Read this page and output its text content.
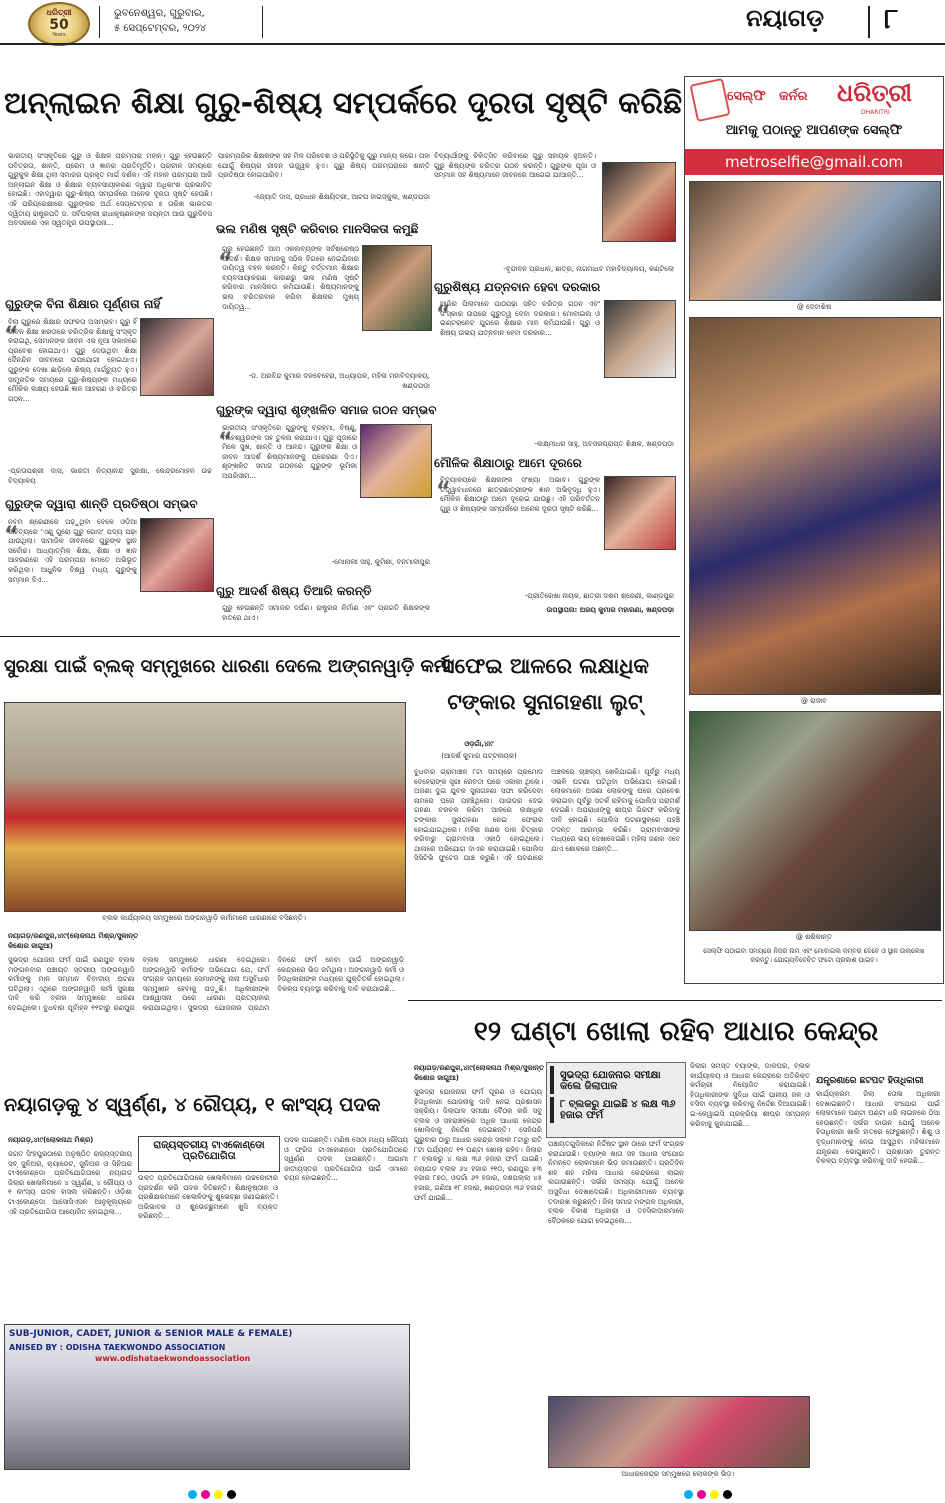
ଧରିତ୍ରୀ
50
Years
ଭୁବନେଶ୍ୱର, ଗୁରୁବାର,
୫ ସେପ୍ଟେମ୍ବର, ୨୦୨୪	ନୟାଗଡ଼ ୮
ଅନ୍‌ଲାଇନ ଶିକ୍ଷା ଗୁରୁ-ଶିଷ୍ୟ ସମ୍ପର୍କରେ ଦୂରତା ସୃଷ୍ଟି କରିଛି
ଭାରତୀୟ ସଂସ୍କୃତିରେ ଗୁରୁ ଓ ଶିକ୍ଷକ ପରମ୍ପରା ମହାନ୍। ଗୁରୁ ହେଉଛନ୍ତି ପବିତ୍ରତା, ଶାନ୍ତି, ପ୍ରେମ ଓ ଜ୍ଞାନର ପ୍ରତିମୂର୍ତ୍ତି। ପ୍ରାଚୀନ ସମୟରେ ଗୁରୁକୁଳ ଶିକ୍ଷା ଥିଲା ସମାଜର ପ୍ରକୃତ ମାର୍ଗ ଦର୍ଶକ। ଏହି ମହାନ ପରମ୍ପରା ଆଜି ଅନ୍‌ଲାଇନ ଶିକ୍ଷା ଓ ଶିକ୍ଷାର ବ୍ୟବସାୟୀକରଣ ଦ୍ୱାରା ଅଧିକାଂଶ ପ୍ରଭାବିତ ହୋଇଛି। ଏହାଦ୍ୱାରା ଗୁରୁ-ଶିଷ୍ୟ ସମ୍ପର୍କରେ ଅନେକ ଦୂରତା ସୃଷ୍ଟି ହେଉଛି। ଏହି ପରିପ୍ରେକ୍ଷୀରେ ଗୁରୁଙ୍କର ଅର୍ଥ ସେପ୍ଟେମ୍ବର ୫ ତାରିଖ ଭାରତର ଦ୍ୱିତୀୟ ରାଷ୍ଟ୍ରପତି ଡ. ସର୍ବପଲ୍ଲୀ ରାଧାକୃଷ୍ଣନଙ୍କ ଜୟନ୍ତୀ ଆଉ ଗୁରୁଦିବସ ଅବସରରେ ଏକ ସ୍ୱତନ୍ତ୍ର ଉପସ୍ଥାପନା...
ଗୁରୁଙ୍କ ବିନା ଶିକ୍ଷାର ପୂର୍ଣ୍ଣତା ନାହିଁ
“
ବିନା ଗୁରୁରେ ଶିକ୍ଷାର ସଫଳତା ଅସମ୍ଭବ। ଗୁରୁ ହିଁ ଜୀବନ ଶିକ୍ଷା ଖରତାରେ ଚରିତ୍ରିକ ଶିକ୍ଷାକୁ ସଂସ୍କୃତ କରାଇଥି, ସେମାନଙ୍କ ଜୀବନ ଏକ ନୂଆ ସକାଳରେ ପ୍ରବେଶ ହୋଇଥାଏ। ଗୁରୁ ଦେଉଥିବା ଶିକ୍ଷା ଦୈନନ୍ଦିନ ଜୀବନରେ ଉପଯୋଗୀ ହୋଇଥାଏ। ଗୁରୁଙ୍କ ଦେଖା ଛାଡ଼ିଲେ ଶିଷ୍ୟ ମାର୍ଗଚ୍ୟୁତ ହୁଏ। ସାମ୍ପ୍ରତିକ ସମୟରେ ଗୁରୁ-ଶିଷ୍ୟଙ୍କ ମଧ୍ୟରେ ମୌଳିକ ଲକ୍ଷ୍ୟ ହେଉଛି ଜ୍ଞାନ ଆହରଣ ଓ ଚରିତ୍ର ଗଠନ...
-ପ୍ରତାପଶ୍ରୀ ଦାସ, ଭାରତୀ ନିତ୍ୟାନନ୍ଦ ସୁରକ୍ଷା, କେନ୍ଦ୍ରମୋହନ ଉଚ୍ଚ ବିଦ୍ୟାଳୟ
ଗୁରୁଙ୍କ ଦ୍ୱାରା ଶାନ୍ତି ପ୍ରତିଷ୍ଠା ସମ୍ଭବ
“
ନବମ ଶ୍ରେଣୀରେ ପଢ଼ୁଥିବା ବେଳେ ଓଡ଼ିଆ ସାହିତ୍ୟରେ ‘ଏଣୁ ଗୁରୋ ଗୁରୁ ଗୋସ’ ପଦ୍ୟ ପଢ଼ା ଯାଉଥିଲା। ସାମାଜିକ ଜୀବନରେ ଗୁରୁଙ୍କ ସ୍ଥାନ ସର୍ବୋଚ୍ଚ। ଆଧ୍ୟାତ୍ମିକ ଶିକ୍ଷା, ଶିକ୍ଷା ଓ ଜ୍ଞାନ ଆହରଣରେ ଏହି ପରମ୍ପରା ମୋତେ ଅଭିଭୂତ କରିଥିଲା। ଆଧୁନିକ ବିଶ୍ୱ ମଧ୍ୟ ଗୁରୁଙ୍କୁ ସମ୍ମାନ ଦିଏ...
ପାରମ୍ପରିକ ଶିକ୍ଷକଙ୍କ ସହ ମିଳ ପରିବେଶ ଓ ପରିସ୍ଥିତିକୁ ଗୁରୁ ମାନ୍ୟ କରେ। ତାହା ଯୋଗୁଁ ଶିଷ୍ୟର ଜୀବନ ଉଜ୍ଜ୍ୱଳ ହୁଏ। ଗୁରୁ ଶିଷ୍ୟ ପରମ୍ପରାରେ ଶାନ୍ତି ପ୍ରତିଷ୍ଠା ହୋଇପାରିବ।
-ଜ୍ୟୋତି ଦାସ, ପ୍ରଧାନ ଶିକ୍ଷୟିତ୍ରୀ, ଆଟପ ହାଇସ୍କୁଲ, ଖଣ୍ଡପଡ଼ା
ଭଲ ମଣିଷ ସୃଷ୍ଟି କରିବାର ମାନସିକତା କମୁଛି
“
ଗୁରୁ ହେଉଛନ୍ତି ଆମ ଏକଲବ୍ୟଙ୍କ ସର୍ବଶ୍ରେଷ୍ଠ ଆଦର୍ଶ। ଶିକ୍ଷକ ସମାଜକୁ ସଠିକ ଦିଗରେ ନେଇଯିବାର ଦାୟିତ୍ୱ ବହନ କରନ୍ତି। କିନ୍ତୁ ବର୍ତ୍ତମାନ ଶିକ୍ଷାର ବ୍ୟବସାୟୀକରଣ କାରଣରୁ ଭଲ ମଣିଷ ସୃଷ୍ଟି କରିବାର ମାନସିକତା କମିଯାଉଛି। ଶିଷ୍ୟମାନଙ୍କୁ ଭଲ ଚରିତ୍ରବାନ କରିବା ଶିକ୍ଷକର ମୁଖ୍ୟ ଦାୟିତ୍ୱ...
-ଡ. ଅରବିନ୍ଦ କୁମାର ଦଳବେହେରା, ଅଧ୍ୟାପକ, ମହିଳା ମହାବିଦ୍ୟାଳୟ, ଖଣ୍ଡପଡ଼ା
ଗୁରୁଙ୍କ ଦ୍ୱାରା ଶୃଙ୍ଖଳିତ ସମାଜ ଗଠନ ସମ୍ଭବ
“
ଭାରତୀୟ ସଂସ୍କୃତିରେ ଗୁରୁଙ୍କୁ ବ୍ରହ୍ମା, ବିଷ୍ଣୁ, ମହେଶ୍ୱରଙ୍କ ସହ ତୁଳନା କରାଯାଏ। ଗୁରୁ ପୂଜାରେ ମିଳେ ସୁଖ, ଶାନ୍ତି ଓ ଆନନ୍ଦ। ଗୁରୁଙ୍କ ଶିକ୍ଷା ଓ ଜୀବନ ଆଦର୍ଶ ଶିଷ୍ୟମାନଙ୍କୁ ପ୍ରେରଣା ଦିଏ। ଶୃଙ୍ଖଳିତ ସମାଜ ଗଠନରେ ଗୁରୁଙ୍କ ଭୂମିକା ଅପରିସୀମ...
-ମୋନାଲୀ ସାହୁ, କୁମିଶା, ବନମାଳୀପୁର
ଗୁରୁ ଆଦର୍ଶ ଶିଷ୍ୟ ତିଆରି କରନ୍ତି
ଗୁରୁ ହେଉଛନ୍ତି ସମାଜର ଦର୍ପଣ। ରାଷ୍ଟ୍ରର ନିର୍ମାଣ ଏବଂ ପ୍ରଗତି ଶିକ୍ଷକଙ୍କ ହାତରେ ଥାଏ।
ବିଦ୍ୟାର୍ଥୀଙ୍କୁ ଚିକିତ୍ସିତ କରିବାରେ ଗୁରୁ ସହାୟକ ହୁଅନ୍ତି। ଗୁରୁ ଶିଷ୍ୟଙ୍କ ଚରିତ୍ର ଗଠନ କରନ୍ତି। ଗୁରୁଙ୍କ ପୂଜା ଓ ସମ୍ମାନ ସହ ଶିଷ୍ୟମାନେ ଜୀବନରେ ଆଗେଇ ଯାଆନ୍ତି...
-ବୃନ୍ଦାବନ ପ୍ରଧାନ, ଛାତ୍ର, ନାଗମାଧବ ମହାବିଦ୍ୟାଳୟ, କଣ୍ଟିଲୋ
ଗୁରୁଶିଷ୍ୟ ଯତ୍ନବାନ ହେବା ଦରକାର
“
ଆଜିର ପିଲାମାନେ ପାଠପଢ଼ା ସହିତ ଚରିତ୍ର ଗଠନ ଏବଂ ସଂସ୍କାର ଉପରେ ଗୁରୁତ୍ୱ ଦେବା ଦରକାର। ମୋବାଇଲ ଓ ଇଣ୍ଟରନେଟ ଯୁଗରେ ଶିକ୍ଷାର ମାନ କମିଯାଉଛି। ଗୁରୁ ଓ ଶିଷ୍ୟ ଉଭୟ ଯତ୍ନବାନ ହେବା ଦରକାର...
-ଲକ୍ଷ୍ମୀଧର ସାହୁ, ଅବସରପ୍ରାପ୍ତ ଶିକ୍ଷକ, ଖଣ୍ଡପଡ଼ା
ମୌଳିକ ଶିକ୍ଷାଠାରୁ ଆମେ ଦୂରରେ
“
ବିଦ୍ୟାଳୟରେ ଶିକ୍ଷକଙ୍କ ସଂଖ୍ୟା ଅଭାବ। ଗୁରୁଙ୍କ ତତ୍ତ୍ୱାବଧାନରେ ଛାତ୍ରଛାତ୍ରୀଙ୍କ ଜ୍ଞାନ ଅଭିବୃଦ୍ଧି ହୁଏ। ମୌଳିକ ଶିକ୍ଷାଠାରୁ ଆମେ ଦୂରେଇ ଯାଉଛୁ। ଏହି ପରିବର୍ତ୍ତନ ଗୁରୁ ଓ ଶିଷ୍ୟଙ୍କ ସମ୍ପର୍କରେ ଅନେକ ଦୂରତା ସୃଷ୍ଟି କରିଛି...
-ପ୍ରୀତିରେଖା ନାୟକ, ଛାତ୍ରୀ ଦଶମ ଶ୍ରେଣୀ, କାଣ୍ଡପୁର
ଉପସ୍ଥାପନା: ଅଜୟ କୁମାର ମହାରଣା, ଖଣ୍ଡପଡ଼ା
ସେଲ୍ଫି କର୍ନର ଧରିତ୍ରୀ
DHARITRI
ଆମକୁ ପଠାନ୍ତୁ ଆପଣଙ୍କ ସେଲ୍ଫି
metroselfie@gmail.com
@ ଦେବାଶିଷ
@ ରାଜୀବ
@ ଶଶିକାନ୍ତ
ସେଲ୍ଫି ପଠାଇବା ସମୟରେ ନିଜର ନାମ ଏବଂ ମୋବାଇଲ ନମ୍ବର ଦେବେ ଓ ସ୍ଥାନ ଉଲ୍ଲେଖ କରନ୍ତୁ। ଯୋଗ୍ୟବିବେଚିତ ଫଟୋ ପ୍ରକାଶ ପାଇବ।
ସୁରକ୍ଷା ପାଇଁ ବ୍ଲକ୍ ସମ୍ମୁଖରେ ଧାରଣା ଦେଲେ ଅଙ୍ଗନୱାଡ଼ି କର୍ମୀ
ବ୍ଲକ କାର୍ଯ୍ୟାଳୟ ସମ୍ମୁଖରେ ଅଙ୍ଗନୱାଡ଼ି କର୍ମୀମାନେ ଧାରଣାରେ ବସିଛନ୍ତି।
ନୟାଗଡ଼/ରଣପୁର,୪ା୯(ଲୋକନାଥ ମିଶ୍ର/ସୁକାନ୍ତ କିଶୋର ଜାଗୁଆ)
ସୁଭଦ୍ରା ଯୋଜନା ଫର୍ମ ପାଇଁ ରଣପୁର ବ୍ଲକ ମଙ୍ଗଳବାର ପଞ୍ଚାୟତ ସ୍ତରୀୟ ଅଙ୍ଗନୱାଡ଼ି କର୍ମୀଙ୍କୁ ମାନ ସମ୍ମାନ ବିବାଦୀୟ ଘଟଣା ଘଟିଥିଲା। ଏଥିରେ ଅଙ୍ଗନୱାଡ଼ି କର୍ମୀ ସୁରକ୍ଷା ଦାବି କରି ବ୍ଲକ ସମ୍ମୁଖରେ ଧାରଣା ଦେଇଥିଲେ। ବୁଧବାର ପୂର୍ବାହ୍ନ ୧୧ଟାରୁ ରଣପୁର ବ୍ଲକ ସମ୍ମୁଖରେ ଧାରଣା ଦେଇଥିଲେ। ଅଙ୍ଗନୱାଡ଼ି କର୍ମୀଙ୍କ ଅଭିଯୋଗ ଯେ, ଫର୍ମ ସଂଗ୍ରହ ସମୟରେ ସେମାନଙ୍କୁ ନାନା ଅସୁବିଧାର ସମ୍ମୁଖୀନ ହେବାକୁ ପଡ଼ୁଛି। ଅଧିକାରୀଙ୍କ ଆଶ୍ୱାସନା ପରେ ଧାରଣା ପ୍ରତ୍ୟାହାର କରାଯାଇଥିଲା। ସୁଭଦ୍ରା ଯୋଜନାର ପ୍ରଥମ ଦିନରେ ଫର୍ମ ନେବା ପାଇଁ ଅଙ୍ଗନୱାଡ଼ି କେନ୍ଦ୍ରରେ ଭିଡ଼ ଜମିଥିଲା। ଅଙ୍ଗନୱାଡ଼ି କର୍ମୀ ଓ ହିତାଧିକାରୀଙ୍କ ମଧ୍ୟରେ ଯୁକ୍ତିତର୍କ ହୋଇଥିଲା। ବିକଳ୍ପ ବ୍ୟବସ୍ଥା କରିବାକୁ ଦାବି କରାଯାଇଛି...
ସଫେଇ ଆଳରେ ଲକ୍ଷାଧିକ
ଟଙ୍କାର ସୁନାଗହଣା ଲୁଟ୍
ଓଡ଼ଗାଁ,୪ା୯
(ଆଦର୍ଶ କୁମାର ପଟ୍ଟନାୟକ)
ବୁଧବାର ଗ୍ରାମାଞ୍ଚଳ ୮ଟା ସମୟରେ ପ୍ରମୋଦ ବେହେରାଙ୍କ ସ୍ତ୍ରୀ ରେବତୀ ଘରେ ଏକାକୀ ଥିଲେ। ଅଜଣା ଦୁଇ ଯୁବକ ସୁନାଗହଣା ସଫା କରିଦେବା ନାମରେ ଘରେ ପହଞ୍ଚିଥିଲେ। ପାଉଡର ଦେଇ ଗହଣା ଚକଚକ କରିବା ଆଳରେ ଲକ୍ଷାଧିକ ଟଙ୍କାର ସୁନାଗହଣା ନେଇ ଫେରାର ହୋଇଯାଇଥିଲେ। ମହିଳା ଜଣକ ଡାକ ଚିତ୍କାର କରିବାରୁ ଗ୍ରାମବାସୀ ଏକାଠି ହୋଇଥିଲେ। ଥାନାରେ ଅଭିଯୋଗ ଦାଏର କରାଯାଇଛି। ପୋଲିସ ସିସିଟିଭି ଫୁଟେଜ ଯାଞ୍ଚ କରୁଛି। ଏହି ଘଟଣାରେ ଅଞ୍ଚଳରେ ଚାଞ୍ଚଲ୍ୟ ଖେଳିଯାଇଛି। ପୂର୍ବରୁ ମଧ୍ୟ ଏଭଳି ଘଟଣା ଘଟିଥିବା ଅଭିଯୋଗ ହୋଇଛି। ଲୋକମାନେ ଅଜଣା ଲୋକଙ୍କୁ ଘରେ ପ୍ରବେଶ କରାଇବା ପୂର୍ବରୁ ସତର୍କ ରହିବାକୁ ପୋଲିସ ପରାମର୍ଶ ଦେଇଛି। ଅପରାଧୀଙ୍କୁ ଶୀଘ୍ର ଗିରଫ କରିବାକୁ ଦାବି ହୋଇଛି। ପୋଲିସ ଘଟଣାସ୍ଥଳରେ ପହଞ୍ଚି ତଦନ୍ତ ଆରମ୍ଭ କରିଛି। ଗ୍ରାମବାସୀଙ୍କ ମଧ୍ୟରେ ଭୟ ଦେଖାଦେଇଛି। ମହିଳା ଜଣକ ଏବେ ଯାଏ ଶୋକରେ ଅଛନ୍ତି...
୧୨ ଘଣ୍ଟା ଖୋଲା ରହିବ ଆଧାର କେନ୍ଦ୍ର
ନୟାଗଡ଼/ରଣପୁର,୪ା୯(ଲୋକନାଥ ମିଶ୍ର/ସୁକାନ୍ତ କିଶୋର ଜାଗୁଆ)	ସୁଭଦ୍ରା ଯୋଜନାର ସମୀକ୍ଷା କଲେ ଜିଲାପାଳ
୮ ବ୍ଲକରୁ ଯାଇଛି ୪ ଲକ୍ଷ ୩୬ ହଜାର ଫର୍ମ
ସୁଭଦ୍ରା ଯୋଜନାର ଫର୍ମ ପୂରଣ ଓ ଯୋଗ୍ୟ ହିତାଧିକାରୀ ଯୋଜନାକୁ ଦାବି ନେଇ ପ୍ରଶାସନ ସକ୍ରିୟ। ଜିଲାପାଳ ସମୀକ୍ଷା ବୈଠକ କରି ସବୁ ବ୍ଲକ ଓ ସହରାଞ୍ଚଳରେ ଅଧିକ ଆଧାର କେନ୍ଦ୍ର ଖୋଲିବାକୁ ନିର୍ଦ୍ଦେଶ ଦେଇଛନ୍ତି। ସେହିପରି ଗୁରୁବାର ଠାରୁ ଆଧାର କେନ୍ଦ୍ର ସକାଳ ୮ଟାରୁ ରାତି ୮ଟା ପର୍ଯ୍ୟନ୍ତ ୧୨ ଘଣ୍ଟା ଖୋଲା ରହିବ। ଜିଲାର ୮ ବ୍ଲକରୁ ୪ ଲକ୍ଷ ୩୬ ହଜାର ଫର୍ମ ଯାଇଛି। ନୟାଗଡ଼ ବ୍ଲକ ୬୪ ହଜାର ୨୧୦, ରଣପୁର ୫୩ ହଜାର ୮୭୦, ଓଡ଼ଗାଁ ୬୨ ହଜାର, ଦଶପଲ୍ଲା ୪୫ ହଜାର, ଗଣିଆ ୧୮ ହଜାର, ଖଣ୍ଡପଡ଼ା ୩୬ ହଜାର ଫର୍ମ ଯାଇଛି...
ପଞ୍ଚାୟତଗୁଡ଼ିକରେ ନିର୍ଦ୍ଦିଷ୍ଟ ସ୍ଥାନ ଠାରେ ଫର୍ମ ସଂଗ୍ରହ କରାଯାଉଛି। ବ୍ୟାଙ୍କ ଖାତା ସହ ଆଧାର ସଂଯୋଗ ନିମନ୍ତେ ଲୋକମାନେ ଭିଡ଼ ଜମାଉଛନ୍ତି। ପ୍ରତିଦିନ ଶହ ଶହ ମହିଳା ଆଧାର କେନ୍ଦ୍ରରେ ଲାଇନ ଲଗାଉଛନ୍ତି। ସର୍ଭର ସମସ୍ୟା ଯୋଗୁଁ ଅନେକ ଅସୁବିଧା ଦେଖାଦେଇଛି। ଅଧିକାରୀମାନେ ବ୍ୟବସ୍ଥା ତଦାରଖ କରୁଛନ୍ତି। ଜିଲା ସମାଜ ମଙ୍ଗଳ ଅଧିକାରୀ, ବ୍ଲକ ବିକାଶ ଅଧିକାରୀ ଓ ତହସିଲଦାରମାନେ ବୈଠକରେ ଯୋଗ ଦେଇଥିଲେ...
ଜିଲାର ସମସ୍ତ ବ୍ୟାଙ୍କ, ଡାକଘର, ବ୍ଲକ କାର୍ଯ୍ୟାଳୟ ଓ ଆଧାର କେନ୍ଦ୍ରରେ ଅତିରିକ୍ତ କର୍ମଚାରୀ ନିୟୋଜିତ କରାଯାଇଛି। ହିତାଧିକାରୀଙ୍କ ସୁବିଧା ପାଇଁ ପାନୀୟ ଜଳ ଓ ବସିବା ବ୍ୟବସ୍ଥା କରିବାକୁ ନିର୍ଦ୍ଦେଶ ଦିଆଯାଇଛି। ଇ-କେୱାଇସି ପ୍ରକ୍ରିୟା ଶୀଘ୍ର ସମ୍ପନ୍ନ କରିବାକୁ କୁହାଯାଇଛି...
ଯନ୍ତ୍ରଣାରେ ଛଟପଟ ହିତାଧିକାରୀ
କାର୍ଯ୍ୟକ୍ରମ ଜିଲା ତୋଳା ଅଧିକାରୀ ଦେଖାଇଛନ୍ତି। ଆଧାର ସଂଯୋଗ ପାଇଁ ଲୋକମାନେ ଘଣ୍ଟା ଘଣ୍ଟା ଧରି ଲାଇନରେ ଠିଆ ହେଉଛନ୍ତି। ସର୍ଭର ଡାଉନ ଯୋଗୁଁ ଅନେକ ହିତାଧିକାରୀ ଖାଲି ହାତରେ ଫେରୁଛନ୍ତି। ଶିଶୁ ଓ ବୃଦ୍ଧମାନଙ୍କୁ ନେଇ ଆସୁଥିବା ମହିଳାମାନେ ଯନ୍ତ୍ରଣା ଭୋଗୁଛନ୍ତି। ପ୍ରଶାସନ ତୁରନ୍ତ ବିକଳ୍ପ ବ୍ୟବସ୍ଥା କରିବାକୁ ଦାବି ହେଉଛି...
ଆଧାରକେନ୍ଦ୍ର ସମ୍ମୁଖରେ ଲୋକଙ୍କ ଭିଡ଼।
ନୟାଗଡ଼କୁ ୪ ସ୍ୱର୍ଣ୍ଣ, ୪ ରୌପ୍ୟ, ୧ କାଂସ୍ୟ ପଦକ
ନୟାଗଡ଼,୪ା୯(ଲୋକନାଥ ମିଶ୍ର)
ଜଗତ ସିଂହପୁରଠାରେ ଅନୁଷ୍ଠିତ ରାଜ୍ୟସ୍ତରୀୟ ସବ୍ ଜୁନିଅର, କ୍ୟାଡେଟ, ଜୁନିଅର ଓ ସିନିଅର ଟାଏକୋଣ୍ଡୋ ପ୍ରତିଯୋଗିତାରେ ନୟାଗଡ଼ ଜିଲାର ଖେଳାଳିମାନେ ୪ ସ୍ୱର୍ଣ୍ଣ, ୪ ରୌପ୍ୟ ଓ ୧ କାଂସ୍ୟ ପଦକ ହାସଲ କରିଛନ୍ତି। ଓଡ଼ିଶା ଟାଏକୋଣ୍ଡୋ ଆସୋସିଏସନ ଆନୁକୂଲ୍ୟରେ ଏହି ପ୍ରତିଯୋଗିତା ଆୟୋଜିତ ହୋଇଥିଲା...
ରାଜ୍ୟସ୍ତରୀୟ ଟାଏକୋଣ୍ଡୋ
ପ୍ରତିଯୋଗିତା
ଉକ୍ତ ପ୍ରତିଯୋଗିତାରେ ଖେଳାଳିମାନେ ଉଚ୍ଚକୋଟୀର ପ୍ରଦର୍ଶନ କରି ପଦକ ଜିତିଛନ୍ତି। ଶିକ୍ଷାନୁଷ୍ଠାନ ଓ ପ୍ରଶିକ୍ଷକମାନେ ଖେଳାଳିଙ୍କୁ ଶୁଭେଚ୍ଛା ଜଣାଇଛନ୍ତି। ଅଭିଭାବକ ଓ ଶୁଭେଚ୍ଛୁମାନେ ଖୁସି ବ୍ୟକ୍ତ କରିଛନ୍ତି...
ପଦକ ପାଇଛନ୍ତି। ମଣିଷ ସେଠୀ ମଧ୍ୟ ରୌପ୍ୟ ଓ ଫ୍ରିସ ଟାଏକୋଣ୍ଡୋ ପ୍ରତିଯୋଗିତାରେ ସ୍ୱର୍ଣ୍ଣ ପଦକ ପାଇଛନ୍ତି। ଆଗାମୀ ଜାତୀୟସ୍ତର ପ୍ରତିଯୋଗିତା ପାଇଁ ଏମାନେ ଚୟନ ହୋଇଛନ୍ତି...
SUB-JUNIOR, CADET, JUNIOR & SENIOR MALE & FEMALE)
ANISED BY : ODISHA TAEKWONDO ASSOCIATION
www.odishataekwondoassociation
